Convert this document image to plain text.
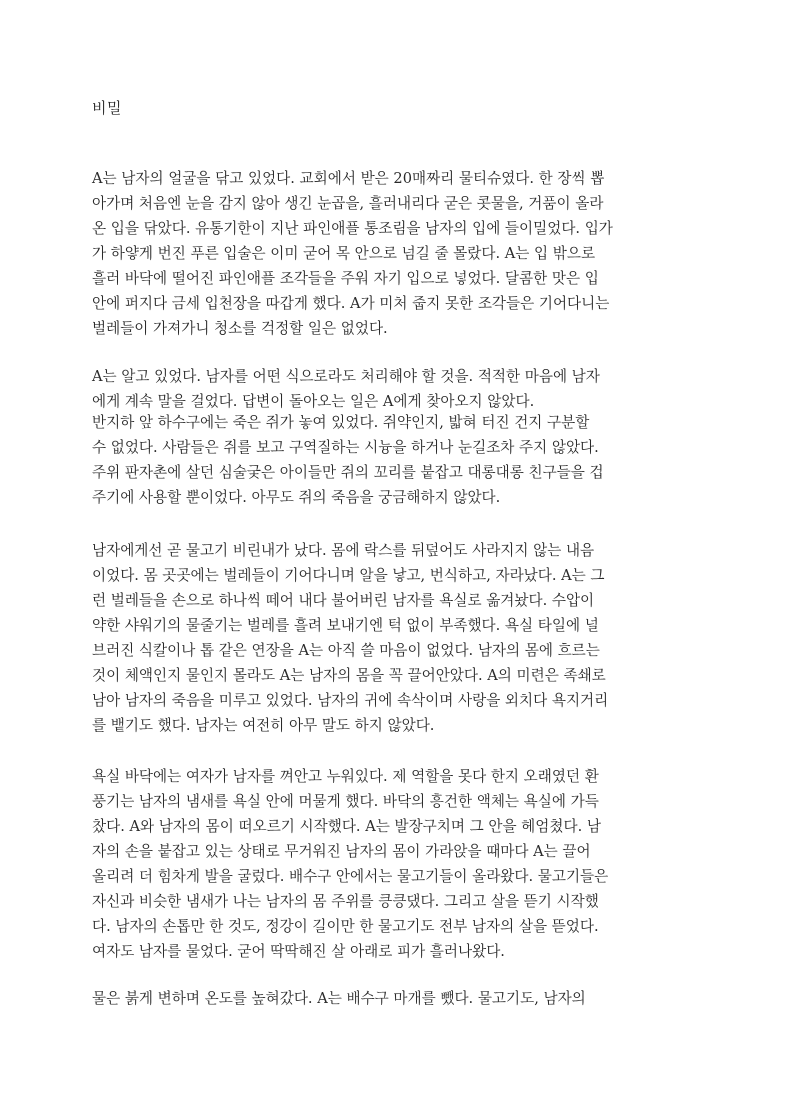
비밀

A는 남자의 얼굴을 닦고 있었다. 교회에서 받은 20매짜리 물티슈였다. 한 장씩 뽑
아가며 처음엔 눈을 감지 않아 생긴 눈곱을, 흘러내리다 굳은 콧물을, 거품이 올라
온 입을 닦았다. 유통기한이 지난 파인애플 통조림을 남자의 입에 들이밀었다. 입가
가 하얗게 번진 푸른 입술은 이미 굳어 목 안으로 넘길 줄 몰랐다. A는 입 밖으로
흘러 바닥에 떨어진 파인애플 조각들을 주워 자기 입으로 넣었다. 달콤한 맛은 입
안에 퍼지다 금세 입천장을 따갑게 했다. A가 미처 줍지 못한 조각들은 기어다니는
벌레들이 가져가니 청소를 걱정할 일은 없었다.

A는 알고 있었다. 남자를 어떤 식으로라도 처리해야 할 것을. 적적한 마음에 남자
에게 계속 말을 걸었다. 답변이 돌아오는 일은 A에게 찾아오지 않았다.

반지하 앞 하수구에는 죽은 쥐가 놓여 있었다. 쥐약인지, 밟혀 터진 건지 구분할
수 없었다. 사람들은 쥐를 보고 구역질하는 시늉을 하거나 눈길조차 주지 않았다.
주위 판자촌에 살던 심술궂은 아이들만 쥐의 꼬리를 붙잡고 대롱대롱 친구들을 겁
주기에 사용할 뿐이었다. 아무도 쥐의 죽음을 궁금해하지 않았다.

남자에게선 곧 물고기 비린내가 났다. 몸에 락스를 뒤덮어도 사라지지 않는 내음
이었다. 몸 곳곳에는 벌레들이 기어다니며 알을 낳고, 번식하고, 자라났다. A는 그
런 벌레들을 손으로 하나씩 떼어 내다 불어버린 남자를 욕실로 옮겨놨다. 수압이
약한 샤워기의 물줄기는 벌레를 흘려 보내기엔 턱 없이 부족했다. 욕실 타일에 널
브러진 식칼이나 톱 같은 연장을 A는 아직 쓸 마음이 없었다. 남자의 몸에 흐르는
것이 체액인지 물인지 몰라도 A는 남자의 몸을 꼭 끌어안았다. A의 미련은 족쇄로
남아 남자의 죽음을 미루고 있었다. 남자의 귀에 속삭이며 사랑을 외치다 욕지거리
를 뱉기도 했다. 남자는 여전히 아무 말도 하지 않았다.

욕실 바닥에는 여자가 남자를 껴안고 누워있다. 제 역할을 못다 한지 오래였던 환
풍기는 남자의 냄새를 욕실 안에 머물게 했다. 바닥의 흥건한 액체는 욕실에 가득
찼다. A와 남자의 몸이 떠오르기 시작했다. A는 발장구치며 그 안을 헤엄쳤다. 남
자의 손을 붙잡고 있는 상태로 무거워진 남자의 몸이 가라앉을 때마다 A는 끌어
올리려 더 힘차게 발을 굴렀다. 배수구 안에서는 물고기들이 올라왔다. 물고기들은
자신과 비슷한 냄새가 나는 남자의 몸 주위를 킁킁댔다. 그리고 살을 뜯기 시작했
다. 남자의 손톱만 한 것도, 정강이 길이만 한 물고기도 전부 남자의 살을 뜯었다.
여자도 남자를 물었다. 굳어 딱딱해진 살 아래로 피가 흘러나왔다.

물은 붉게 변하며 온도를 높혀갔다. A는 배수구 마개를 뺐다. 물고기도, 남자의
